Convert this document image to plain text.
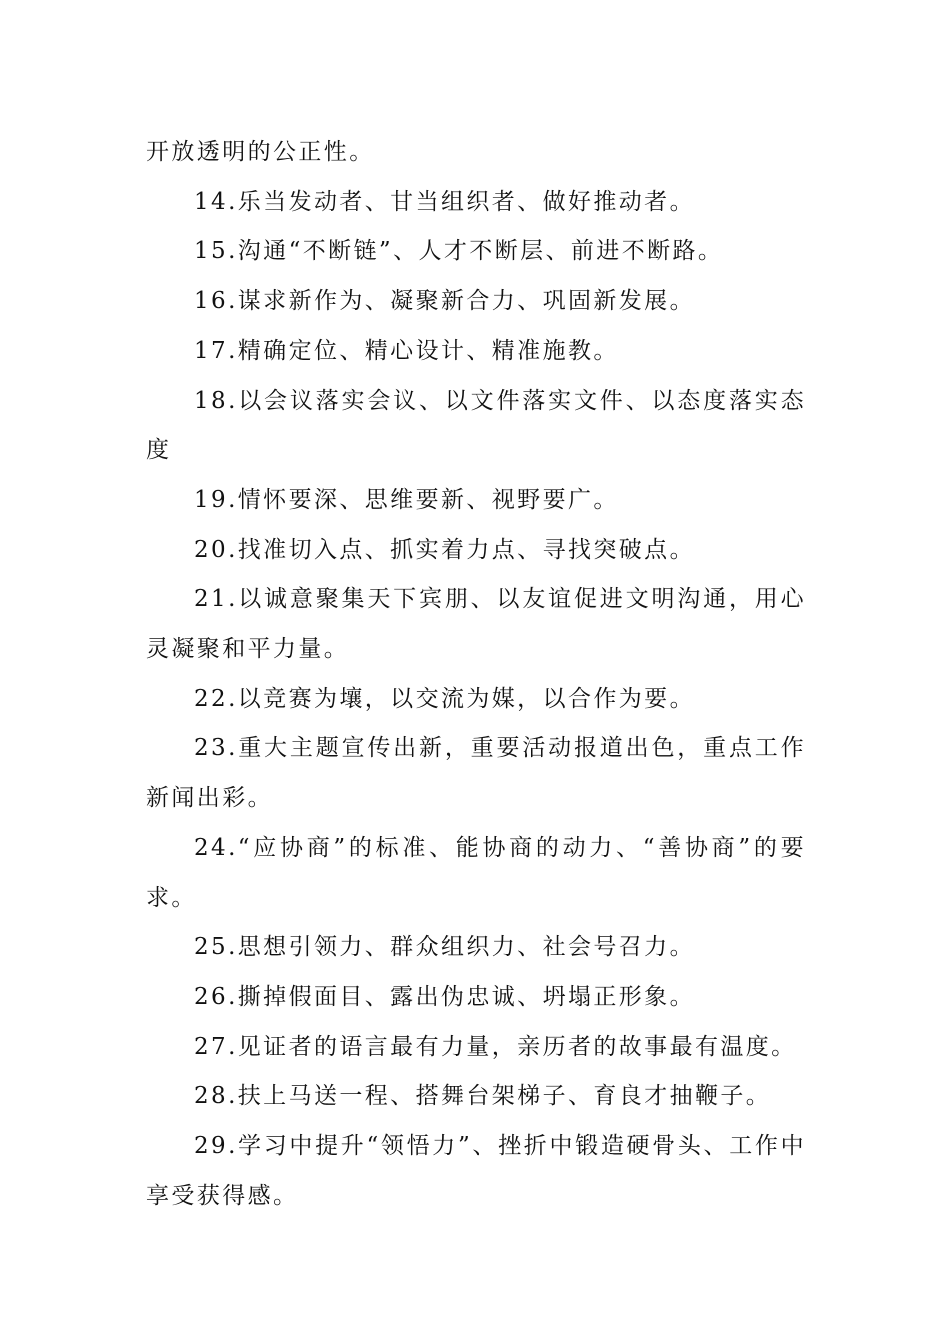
开放透明的公正性。

14.乐当发动者、甘当组织者、做好推动者。

15.沟通“不断链”、人才不断层、前进不断路。

16.谋求新作为、凝聚新合力、巩固新发展。

17.精确定位、精心设计、精准施教。

18.以会议落实会议、以文件落实文件、以态度落实态度

19.情怀要深、思维要新、视野要广。

20.找准切入点、抓实着力点、寻找突破点。

21.以诚意聚集天下宾朋、以友谊促进文明沟通，用心灵凝聚和平力量。

22.以竞赛为壤，以交流为媒，以合作为要。

23.重大主题宣传出新，重要活动报道出色，重点工作新闻出彩。

24.“应协商”的标准、能协商的动力、“善协商”的要求。

25.思想引领力、群众组织力、社会号召力。

26.撕掉假面目、露出伪忠诚、坍塌正形象。

27.见证者的语言最有力量，亲历者的故事最有温度。

28.扶上马送一程、搭舞台架梯子、育良才抽鞭子。

29.学习中提升“领悟力”、挫折中锻造硬骨头、工作中享受获得感。
